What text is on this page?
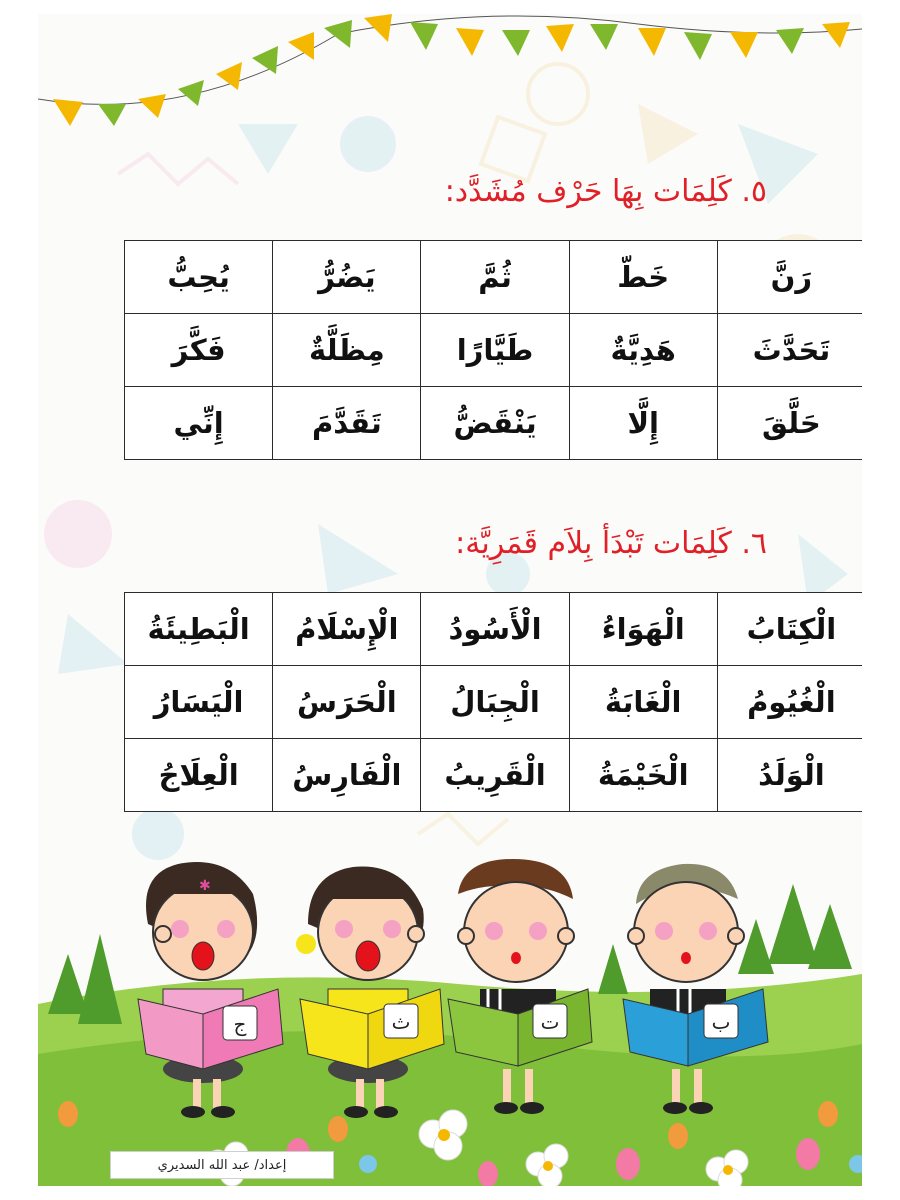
✱
ج	ث	ت	ب
٥. كَلِمَات بِهَا حَرْف مُشَدَّد:
رَنَّ	خَطّ	ثُمَّ	يَضُرُّ	يُحِبُّ
تَحَدَّثَ	هَدِيَّةٌ	طَيَّارًا	مِظَلَّةٌ	فَكَّرَ
حَلَّقَ	إِلَّا	يَنْقَضُّ	تَقَدَّمَ	إِنِّي
٦. كَلِمَات تَبْدَأ بِلاَم قَمَرِيَّة:
الْكِتَابُ	الْهَوَاءُ	الْأَسُودُ	الْإِسْلَامُ	الْبَطِيئَةُ
الْغُيُومُ	الْغَابَةُ	الْجِبَالُ	الْحَرَسُ	الْيَسَارُ
الْوَلَدُ	الْخَيْمَةُ	الْقَرِيبُ	الْفَارِسُ	الْعِلَاجُ
إعداد/ عبد الله السديري
